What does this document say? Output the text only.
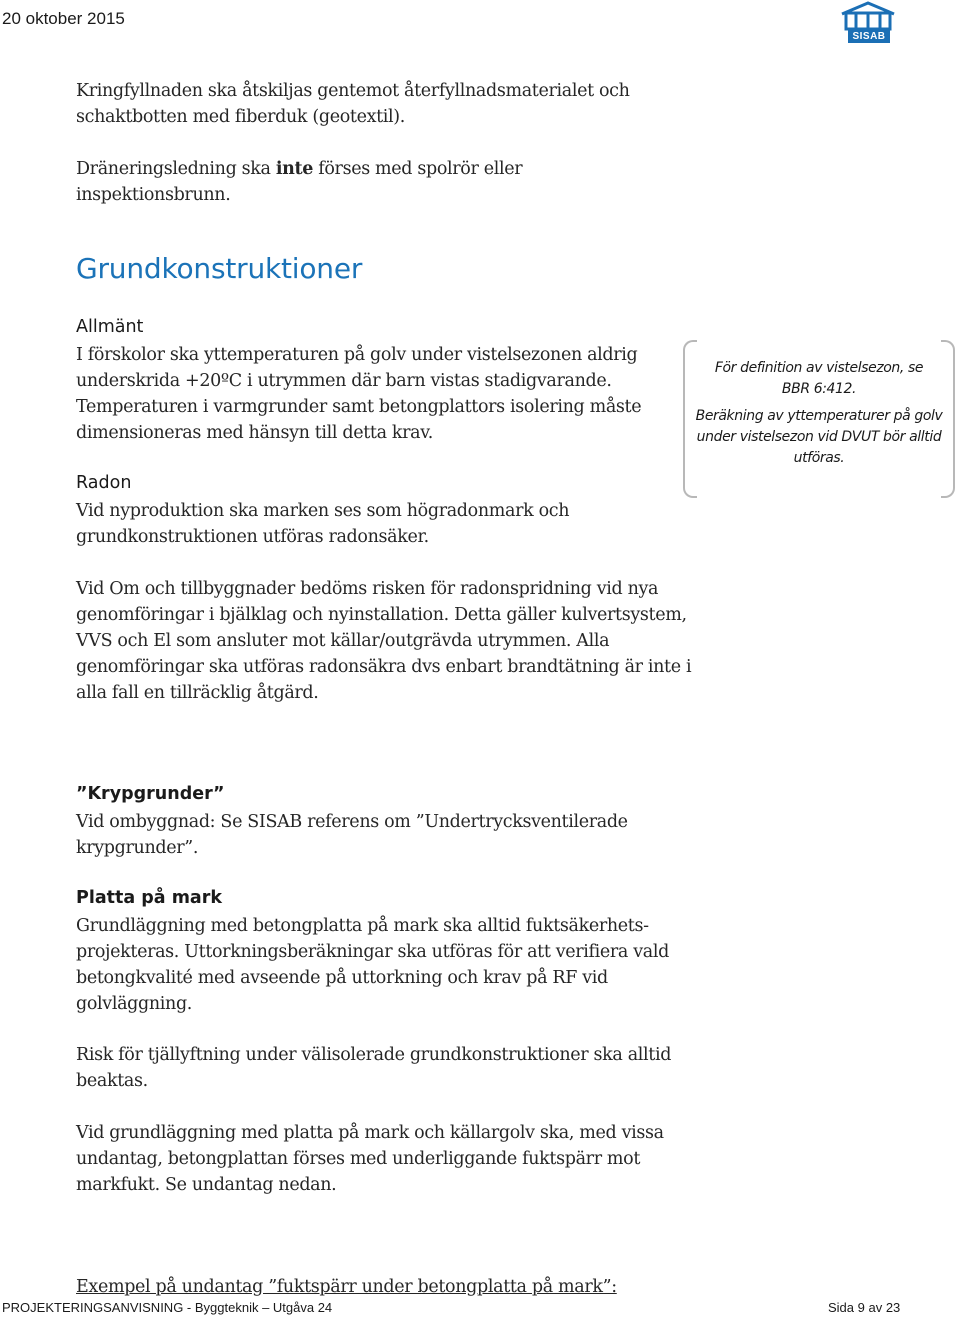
20 oktober 2015
SISAB

Kringfyllnaden ska åtskiljas gentemot återfyllnadsmaterialet och schaktbotten med fiberduk (geotextil).

Dräneringsledning ska inte förses med spolrör eller inspektionsbrunn.

Grundkonstruktioner
Allmänt

I förskolor ska yttemperaturen på golv under vistelsezonen aldrig underskrida +20ºC i utrymmen där barn vistas stadigvarande. Temperaturen i varmgrunder samt betongplattors isolering måste dimensioneras med hänsyn till detta krav.

Radon

Vid nyproduktion ska marken ses som högradonmark och grundkonstruktionen utföras radonsäker.

Vid Om och tillbyggnader bedöms risken för radonspridning vid nya genomföringar i bjälklag och nyinstallation. Detta gäller kulvertsystem, VVS och El som ansluter mot källar/outgrävda utrymmen. Alla genomföringar ska utföras radonsäkra dvs enbart brandtätning är inte i alla fall en tillräcklig åtgärd.

För definition av vistelsezon, se BBR 6:412.
Beräkning av yttemperaturer på golv under vistelsezon vid DVUT bör alltid utföras.
”Krypgrunder”

Vid ombyggnad: Se SISAB referens om ”Undertrycksventilerade krypgrunder”.

Platta på mark

Grundläggning med betongplatta på mark ska alltid fuktsäkerhets-projekteras. Uttorkningsberäkningar ska utföras för att verifiera vald betongkvalité med avseende på uttorkning och krav på RF vid golvläggning.

Risk för tjällyftning under välisolerade grundkonstruktioner ska alltid beaktas.

Vid grundläggning med platta på mark och källargolv ska, med vissa undantag, betongplattan förses med underliggande fuktspärr mot markfukt. Se undantag nedan.

Exempel på undantag ”fuktspärr under betongplatta på mark”:

PROJEKTERINGSANVISNING - Byggteknik – Utgåva 24	Sida 9 av 23
